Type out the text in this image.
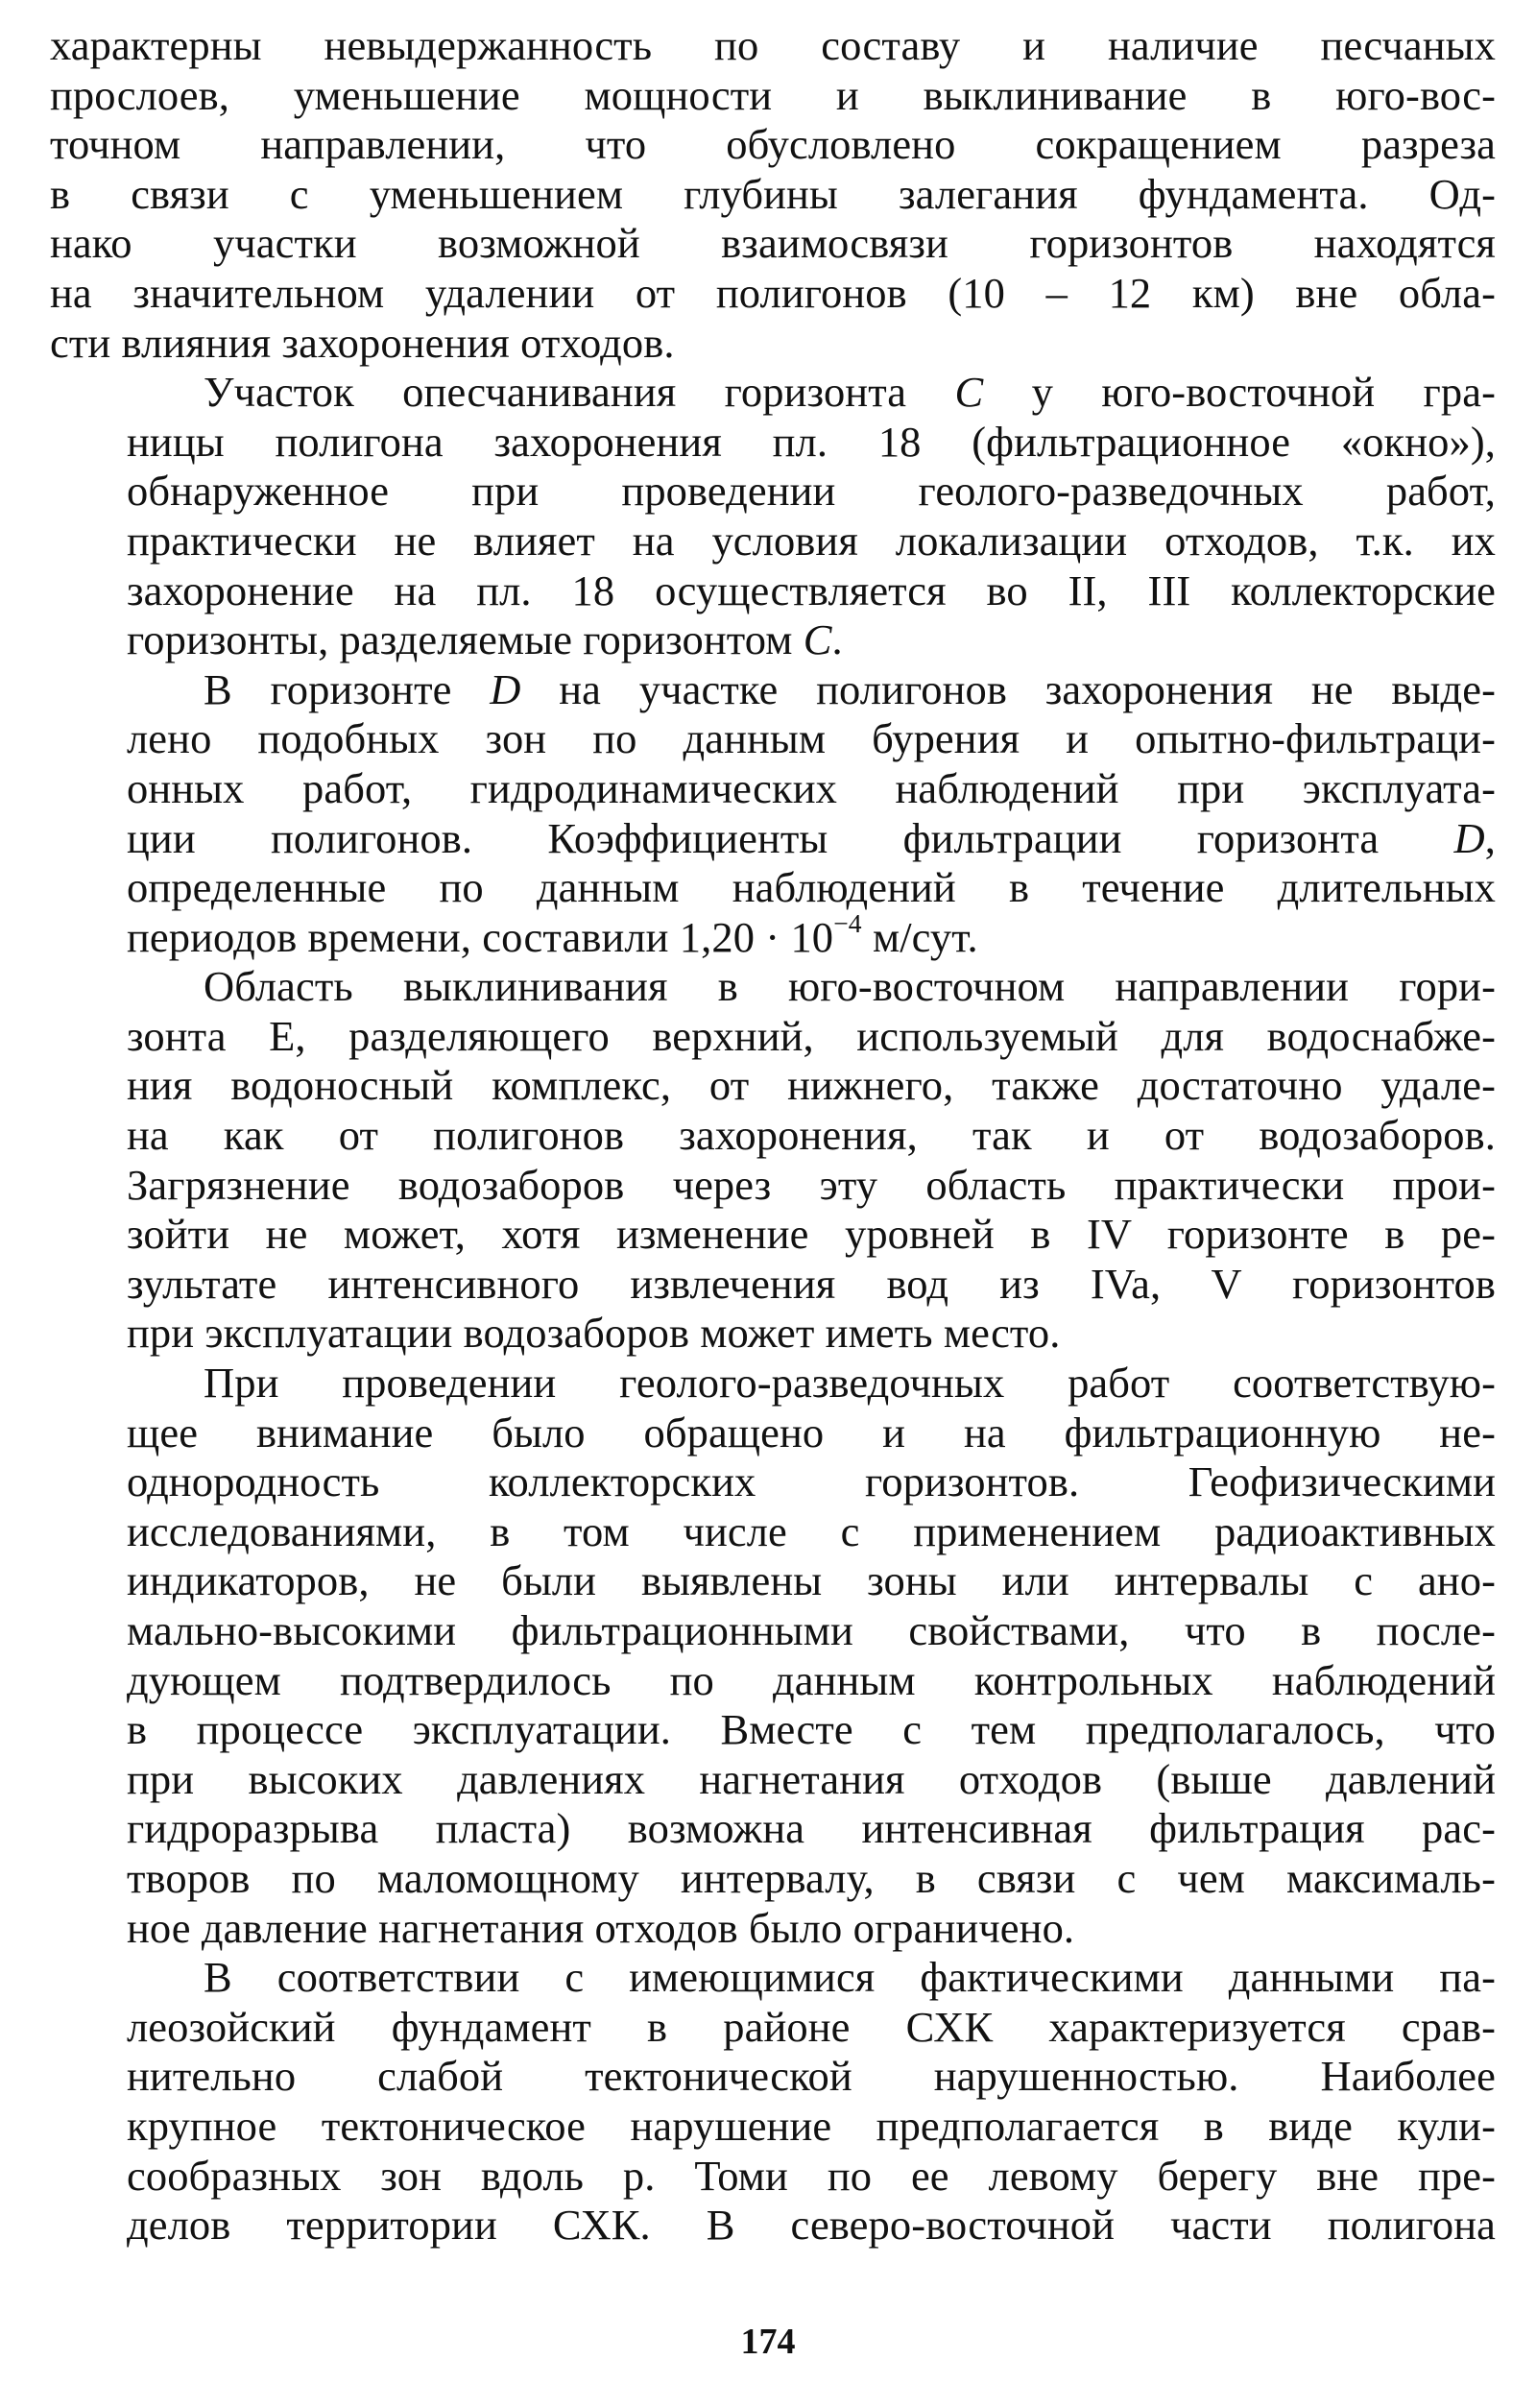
характерны невыдержанность по составу и наличие песчаных
прослоев, уменьшение мощности и выклинивание в юго-вос-
точном направлении, что обусловлено сокращением разреза
в связи с уменьшением глубины залегания фундамента. Од-
нако участки возможной взаимосвязи горизонтов находятся
на значительном удалении от полигонов (10 – 12 км) вне обла-
сти влияния захоронения отходов.
Участок опесчанивания горизонта C у юго-восточной гра-
ницы полигона захоронения пл. 18 (фильтрационное «окно»),
обнаруженное при проведении геолого-разведочных работ,
практически не влияет на условия локализации отходов, т.к. их
захоронение на пл. 18 осуществляется во II, III коллекторские
горизонты, разделяемые горизонтом C.
В горизонте D на участке полигонов захоронения не выде-
лено подобных зон по данным бурения и опытно-фильтраци-
онных работ, гидродинамических наблюдений при эксплуата-
ции полигонов. Коэффициенты фильтрации горизонта D,
определенные по данным наблюдений в течение длительных
периодов времени, составили $1,20 \cdot 10^{-4}$ м/сут.
Область выклинивания в юго-восточном направлении гори-
зонта E, разделяющего верхний, используемый для водоснабже-
ния водоносный комплекс, от нижнего, также достаточно удале-
на как от полигонов захоронения, так и от водозаборов.
Загрязнение водозаборов через эту область практически прои-
зойти не может, хотя изменение уровней в IV горизонте в ре-
зультате интенсивного извлечения вод из IVa, V горизонтов
при эксплуатации водозаборов может иметь место.
При проведении геолого-разведочных работ соответствую-
щее внимание было обращено и на фильтрационную не-
однородность коллекторских горизонтов. Геофизическими
исследованиями, в том числе с применением радиоактивных
индикаторов, не были выявлены зоны или интервалы с ано-
мально-высокими фильтрационными свойствами, что в после-
дующем подтвердилось по данным контрольных наблюдений
в процессе эксплуатации. Вместе с тем предполагалось, что
при высоких давлениях нагнетания отходов (выше давлений
гидроразрыва пласта) возможна интенсивная фильтрация рас-
творов по маломощному интервалу, в связи с чем максималь-
ное давление нагнетания отходов было ограничено.
В соответствии с имеющимися фактическими данными па-
леозойский фундамент в районе СХК характеризуется срав-
нительно слабой тектонической нарушенностью. Наиболее
крупное тектоническое нарушение предполагается в виде кули-
сообразных зон вдоль р. Томи по ее левому берегу вне пре-
делов территории СХК. В северо-восточной части полигона
174
